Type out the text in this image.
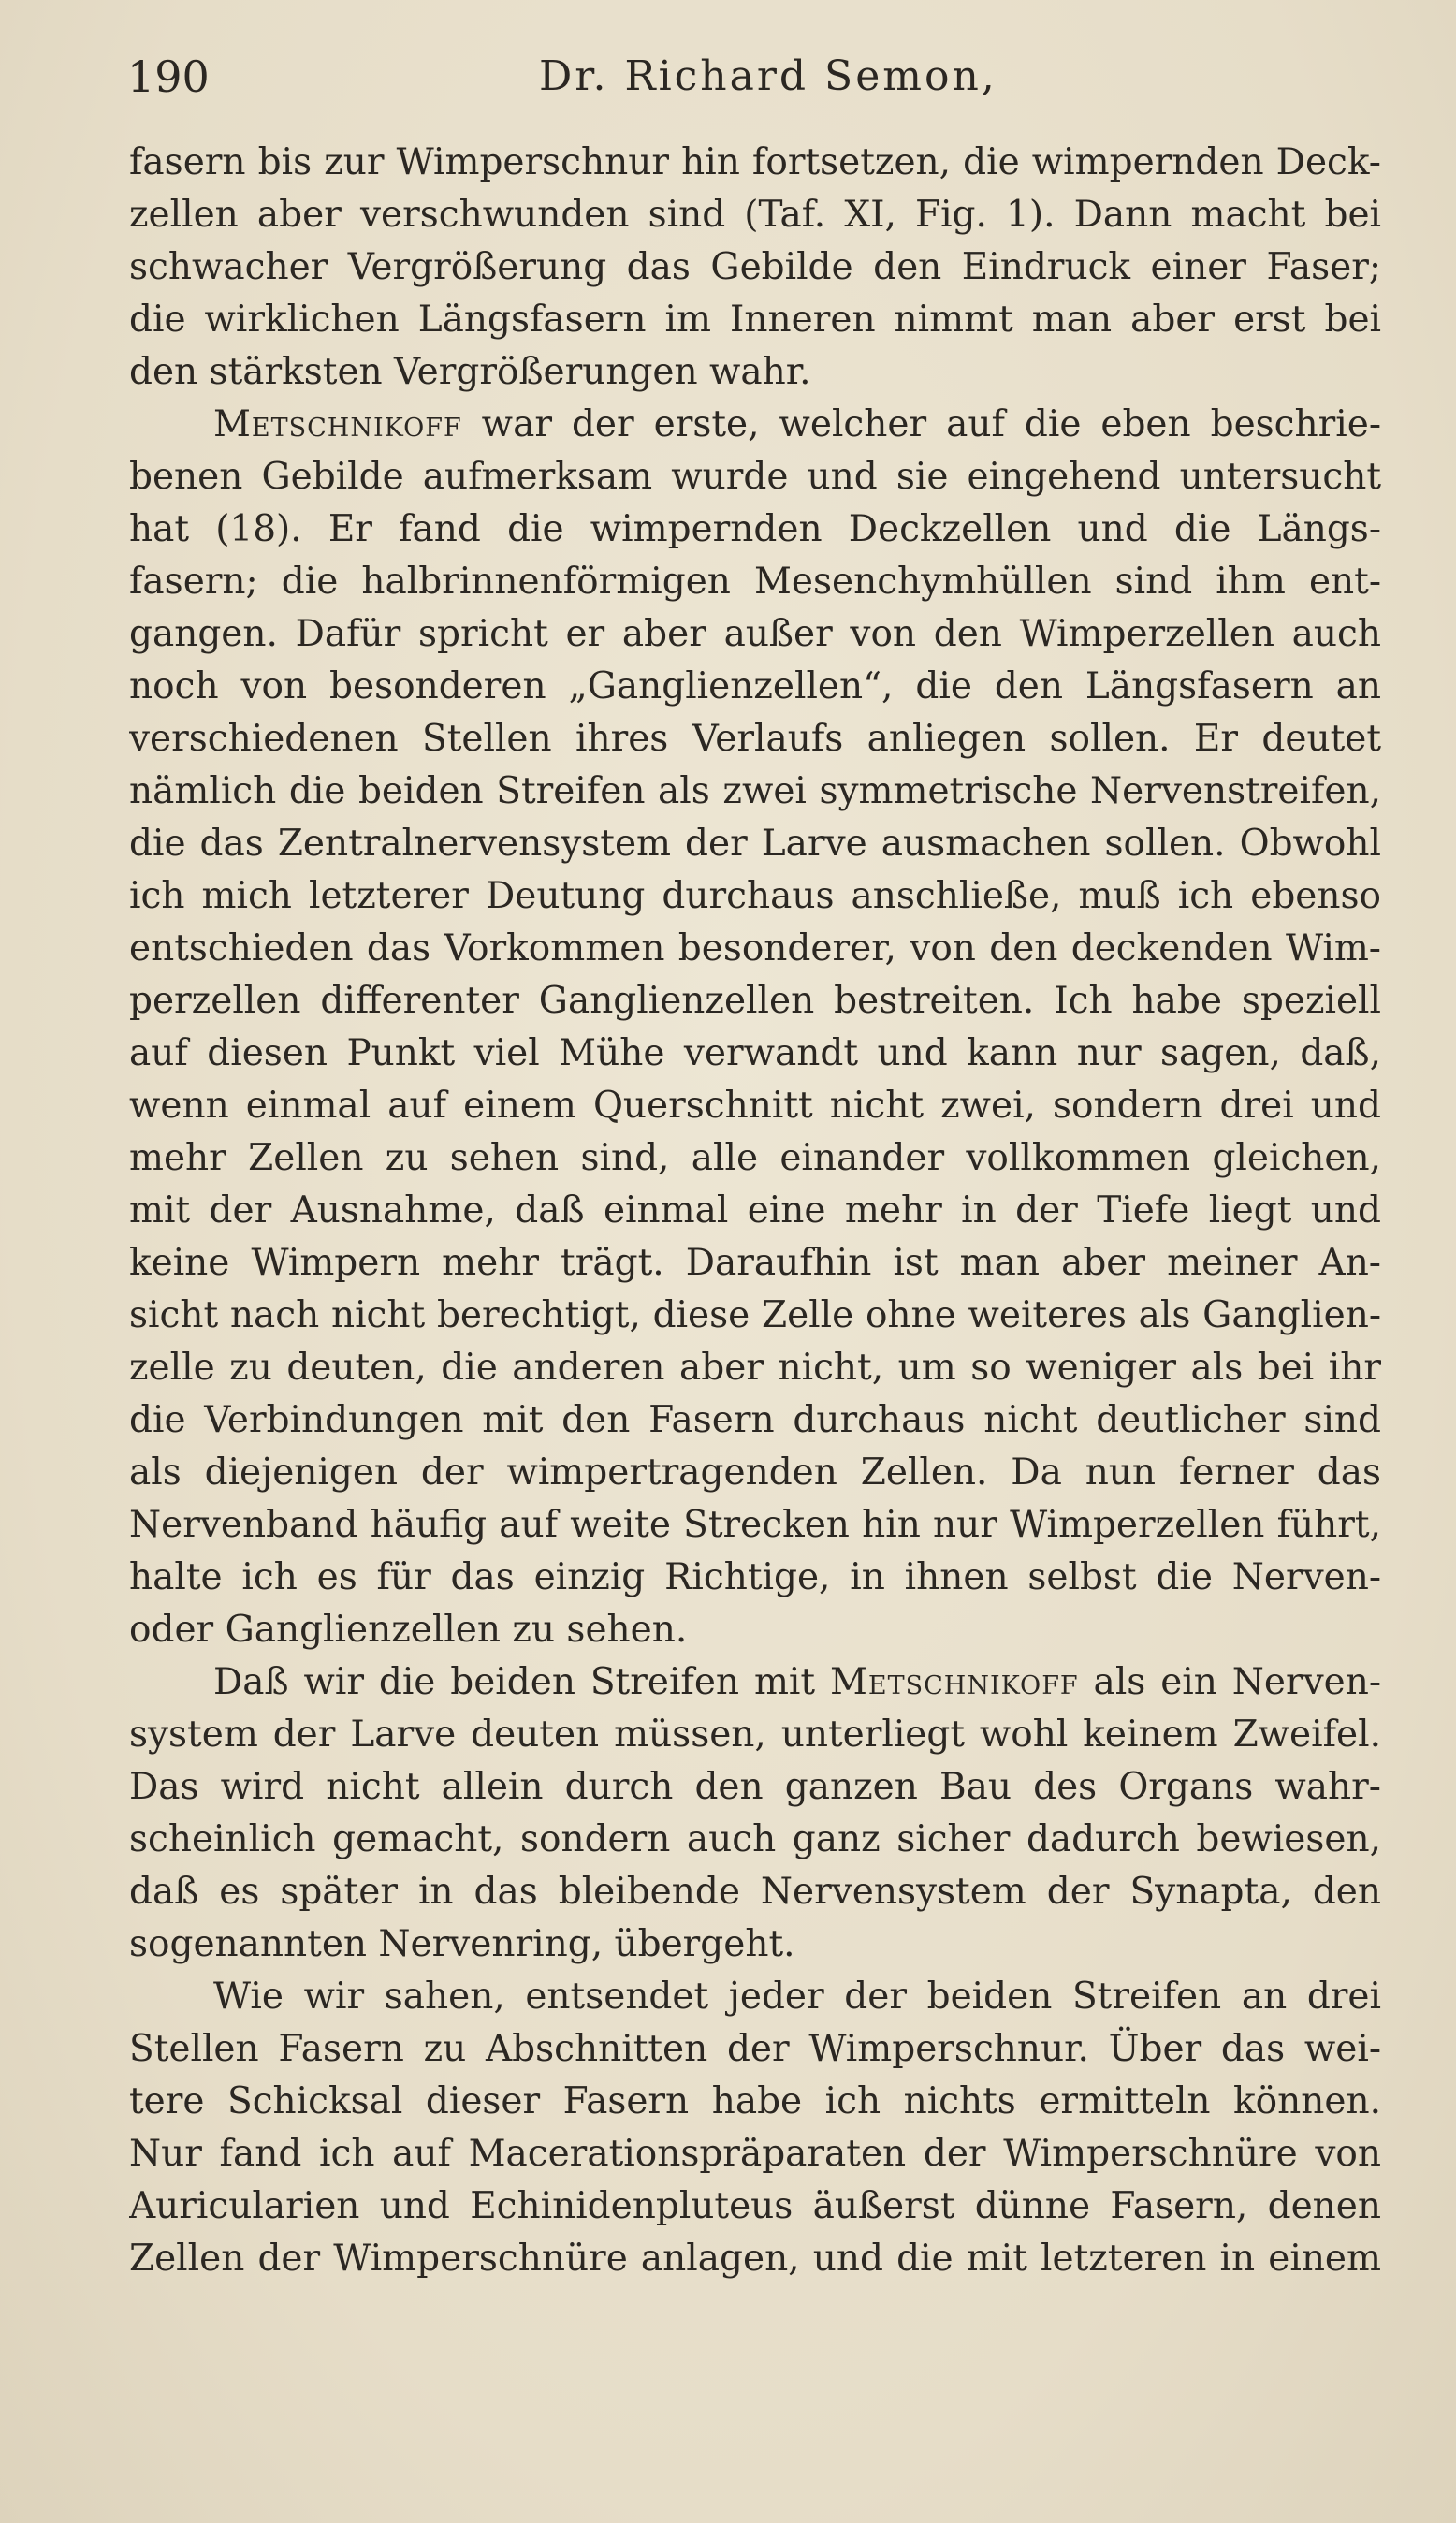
190	Dr. Richard Semon,
fasern bis zur Wimperschnur hin fortsetzen, die wimpernden Deck-
zellen aber verschwunden sind (Taf. XI, Fig. 1). Dann macht bei
schwacher Vergrößerung das Gebilde den Eindruck einer Faser;
die wirklichen Längsfasern im Inneren nimmt man aber erst bei
den stärksten Vergrößerungen wahr.
Metschnikoff war der erste, welcher auf die eben beschrie-
benen Gebilde aufmerksam wurde und sie eingehend untersucht
hat (18). Er fand die wimpernden Deckzellen und die Längs-
fasern; die halbrinnenförmigen Mesenchymhüllen sind ihm ent-
gangen. Dafür spricht er aber außer von den Wimperzellen auch
noch von besonderen „Ganglienzellen“, die den Längsfasern an
verschiedenen Stellen ihres Verlaufs anliegen sollen. Er deutet
nämlich die beiden Streifen als zwei symmetrische Nervenstreifen,
die das Zentralnervensystem der Larve ausmachen sollen. Obwohl
ich mich letzterer Deutung durchaus anschließe, muß ich ebenso
entschieden das Vorkommen besonderer, von den deckenden Wim-
perzellen differenter Ganglienzellen bestreiten. Ich habe speziell
auf diesen Punkt viel Mühe verwandt und kann nur sagen, daß,
wenn einmal auf einem Querschnitt nicht zwei, sondern drei und
mehr Zellen zu sehen sind, alle einander vollkommen gleichen,
mit der Ausnahme, daß einmal eine mehr in der Tiefe liegt und
keine Wimpern mehr trägt. Daraufhin ist man aber meiner An-
sicht nach nicht berechtigt, diese Zelle ohne weiteres als Ganglien-
zelle zu deuten, die anderen aber nicht, um so weniger als bei ihr
die Verbindungen mit den Fasern durchaus nicht deutlicher sind
als diejenigen der wimpertragenden Zellen. Da nun ferner das
Nervenband häufig auf weite Strecken hin nur Wimperzellen führt,
halte ich es für das einzig Richtige, in ihnen selbst die Nerven-
oder Ganglienzellen zu sehen.
Daß wir die beiden Streifen mit Metschnikoff als ein Nerven-
system der Larve deuten müssen, unterliegt wohl keinem Zweifel.
Das wird nicht allein durch den ganzen Bau des Organs wahr-
scheinlich gemacht, sondern auch ganz sicher dadurch bewiesen,
daß es später in das bleibende Nervensystem der Synapta, den
sogenannten Nervenring, übergeht.
Wie wir sahen, entsendet jeder der beiden Streifen an drei
Stellen Fasern zu Abschnitten der Wimperschnur. Über das wei-
tere Schicksal dieser Fasern habe ich nichts ermitteln können.
Nur fand ich auf Macerationspräparaten der Wimperschnüre von
Auricularien und Echinidenpluteus äußerst dünne Fasern, denen
Zellen der Wimperschnüre anlagen, und die mit letzteren in einem
